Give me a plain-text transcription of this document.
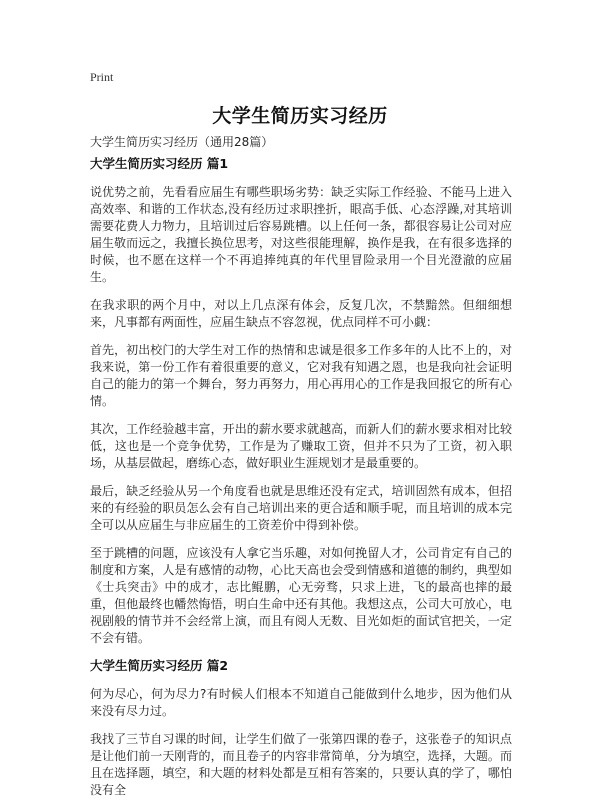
Print
大学生简历实习经历
大学生简历实习经历（通用28篇）
大学生简历实习经历 篇1

说优势之前，先看看应届生有哪些职场劣势：缺乏实际工作经验、不能马上进入高效率、和谐的工作状态,没有经历过求职挫折，眼高手低、心态浮躁,对其培训需要花费人力物力，且培训过后容易跳槽。以上任何一条，都很容易让公司对应届生敬而远之，我擅长换位思考，对这些很能理解，换作是我，在有很多选择的时候，也不愿在这样一个不再追捧纯真的年代里冒险录用一个目光澄澈的应届生。

在我求职的两个月中，对以上几点深有体会，反复几次，不禁黯然。但细细想来，凡事都有两面性，应届生缺点不容忽视，优点同样不可小觑：

首先，初出校门的大学生对工作的热情和忠诚是很多工作多年的人比不上的，对我来说，第一份工作有着很重要的意义，它对我有知遇之恩，也是我向社会证明自己的能力的第一个舞台，努力再努力，用心再用心的工作是我回报它的所有心情。

其次，工作经验越丰富，开出的薪水要求就越高，而新人们的薪水要求相对比较低，这也是一个竞争优势，工作是为了赚取工资，但并不只为了工资，初入职场，从基层做起，磨练心态，做好职业生涯规划才是最重要的。

最后，缺乏经验从另一个角度看也就是思维还没有定式，培训固然有成本，但招来的有经验的职员怎么会有自己培训出来的更合适和顺手呢，而且培训的成本完全可以从应届生与非应届生的工资差价中得到补偿。

至于跳槽的问题，应该没有人拿它当乐趣，对如何挽留人才，公司肯定有自己的制度和方案，人是有感情的动物，心比天高也会受到情感和道德的制约，典型如《士兵突击》中的成才，志比鲲鹏，心无旁骛，只求上进，飞的最高也摔的最重，但他最终也幡然悔悟，明白生命中还有其他。我想这点，公司大可放心，电视剧般的情节并不会经常上演，而且有阅人无数、目光如炬的面试官把关，一定不会有错。

大学生简历实习经历 篇2

何为尽心，何为尽力?有时候人们根本不知道自己能做到什么地步，因为他们从来没有尽力过。

我找了三节自习课的时间，让学生们做了一张第四课的卷子，这张卷子的知识点是让他们前一天刚背的，而且卷子的内容非常简单，分为填空，选择，大题。而且在选择题，填空，和大题的材料处都是互相有答案的，只要认真的学了，哪怕没有全
